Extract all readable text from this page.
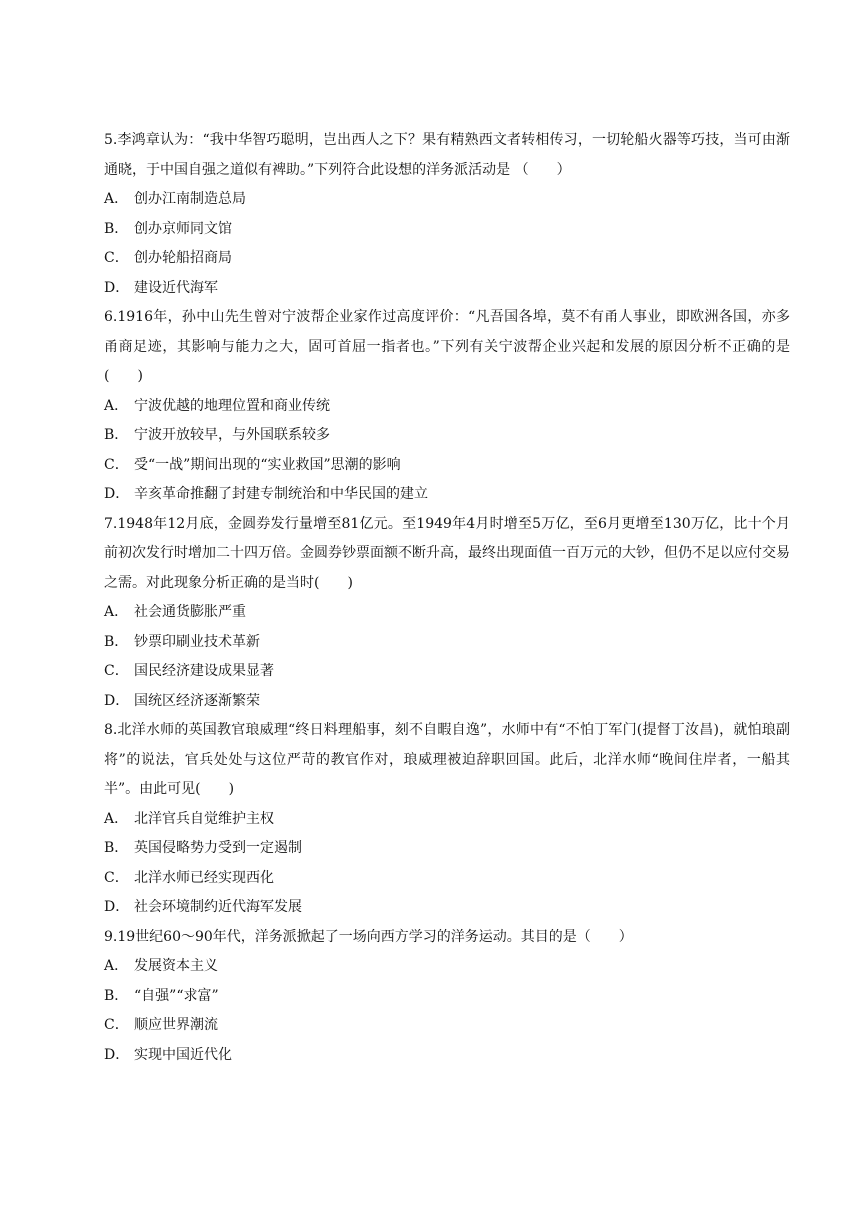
5.李鸿章认为：“我中华智巧聪明，岂出西人之下？果有精熟西文者转相传习，一切轮船火器等巧技，当可由渐通晓，于中国自强之道似有裨助。”下列符合此设想的洋务派活动是 （　　）

A． 创办江南制造总局

B． 创办京师同文馆

C． 创办轮船招商局

D． 建设近代海军

6.1916年，孙中山先生曾对宁波帮企业家作过高度评价：“凡吾国各埠，莫不有甬人事业，即欧洲各国，亦多甬商足迹，其影响与能力之大，固可首屈一指者也。”下列有关宁波帮企业兴起和发展的原因分析不正确的是(　　)

A． 宁波优越的地理位置和商业传统

B． 宁波开放较早，与外国联系较多

C． 受“一战”期间出现的“实业救国”思潮的影响

D． 辛亥革命推翻了封建专制统治和中华民国的建立

7.1948年12月底，金圆券发行量增至81亿元。至1949年4月时增至5万亿，至6月更增至130万亿，比十个月前初次发行时增加二十四万倍。金圆券钞票面额不断升高，最终出现面值一百万元的大钞，但仍不足以应付交易之需。对此现象分析正确的是当时(　　)

A． 社会通货膨胀严重

B． 钞票印刷业技术革新

C． 国民经济建设成果显著

D． 国统区经济逐渐繁荣

8.北洋水师的英国教官琅威理“终日料理船事，刻不自暇自逸”，水师中有“不怕丁军门(提督丁汝昌)，就怕琅副将”的说法，官兵处处与这位严苛的教官作对，琅威理被迫辞职回国。此后，北洋水师“晚间住岸者，一船其半”。由此可见(　　)

A． 北洋官兵自觉维护主权

B． 英国侵略势力受到一定遏制

C． 北洋水师已经实现西化

D． 社会环境制约近代海军发展

9.19世纪60～90年代，洋务派掀起了一场向西方学习的洋务运动。其目的是（　　）

A． 发展资本主义

B． “自强”“求富”

C． 顺应世界潮流

D． 实现中国近代化
